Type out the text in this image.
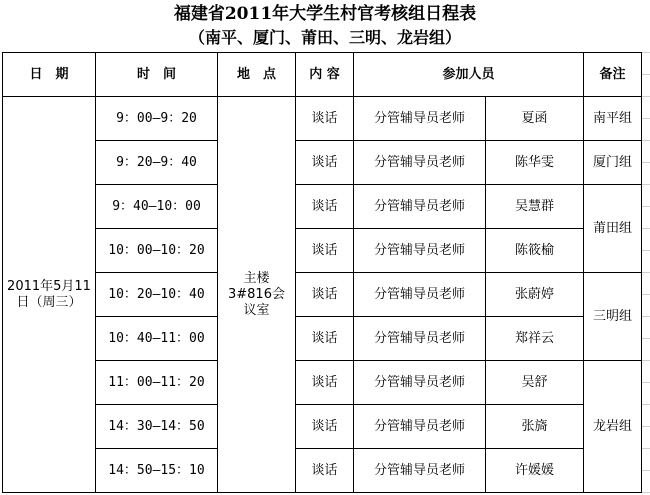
福建省2011年大学生村官考核组日程表
（南平、厦门、莆田、三明、龙岩组）
日　期	时　间	地　点	内 容	参加人员		备注
2011年5月11日（周三）	9：00—9：20	主楼3#816会议室	谈话	分管辅导员老师	夏函	南平组
	9：20—9：40		谈话	分管辅导员老师	陈华雯	厦门组
	9：40—10：00		谈话	分管辅导员老师	吴慧群	莆田组
	10：00—10：20		谈话	分管辅导员老师	陈筱榆	
	10：20—10：40		谈话	分管辅导员老师	张蔚婷	三明组
	10：40—11：00		谈话	分管辅导员老师	郑祥云	
	11：00—11：20		谈话	分管辅导员老师	吴舒	龙岩组
	14：30—14：50		谈话	分管辅导员老师	张旖	
	14：50—15：10		谈话	分管辅导员老师	许媛媛	
